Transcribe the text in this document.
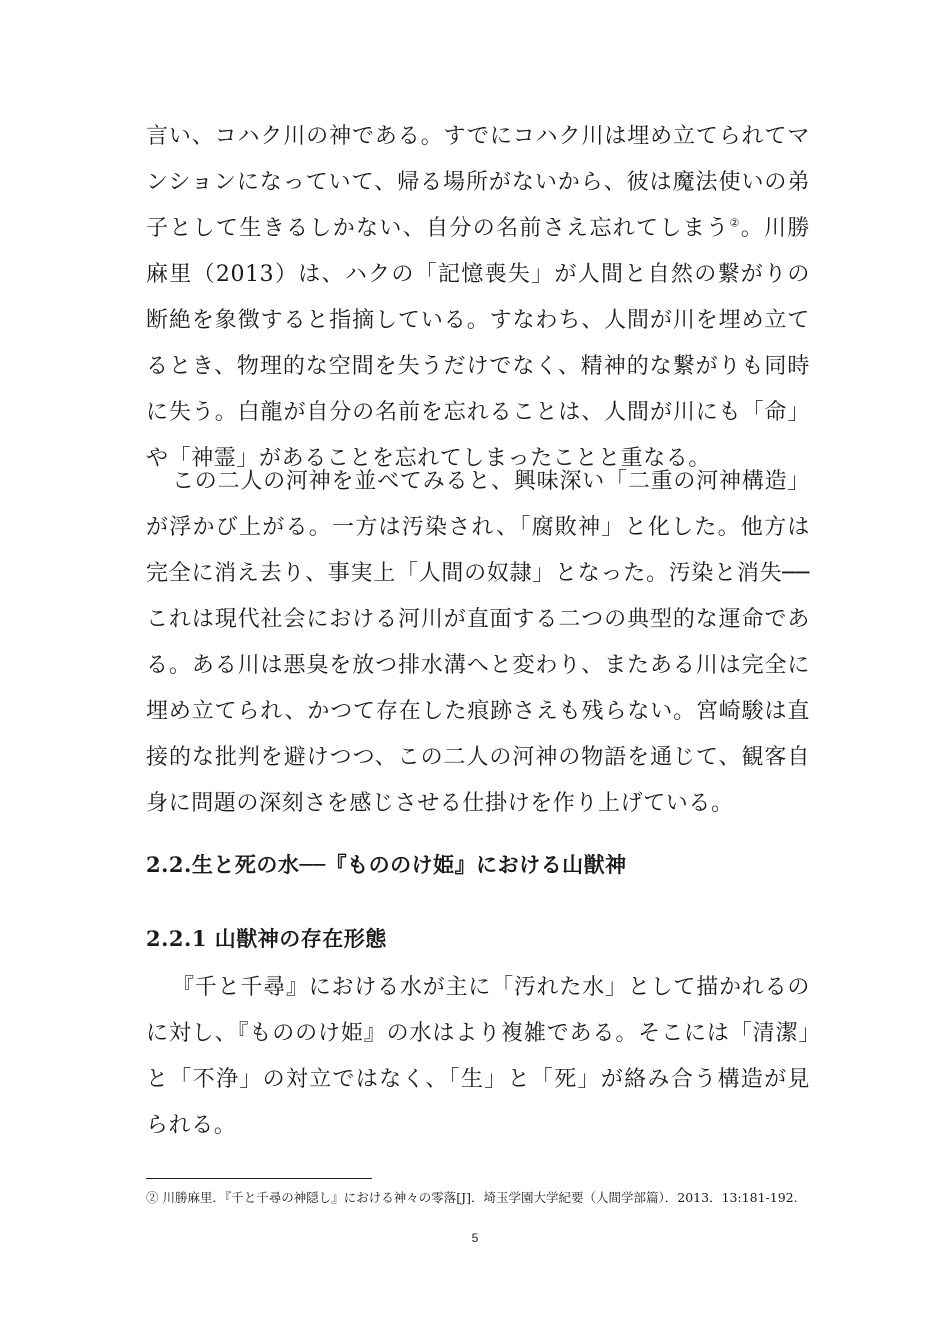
言い、コハク川の神である。すでにコハク川は埋め立てられてマンションになっていて、帰る場所がないから、彼は魔法使いの弟子として生きるしかない、自分の名前さえ忘れてしまう②。川勝麻里（2013）は、ハクの「記憶喪失」が人間と自然の繋がりの断絶を象徴すると指摘している。すなわち、人間が川を埋め立てるとき、物理的な空間を失うだけでなく、精神的な繋がりも同時に失う。白龍が自分の名前を忘れることは、人間が川にも「命」や「神霊」があることを忘れてしまったことと重なる。

この二人の河神を並べてみると、興味深い「二重の河神構造」が浮かび上がる。一方は汚染され、「腐敗神」と化した。他方は完全に消え去り、事実上「人間の奴隷」となった。汚染と消失──これは現代社会における河川が直面する二つの典型的な運命である。ある川は悪臭を放つ排水溝へと変わり、またある川は完全に埋め立てられ、かつて存在した痕跡さえも残らない。宮崎駿は直接的な批判を避けつつ、この二人の河神の物語を通じて、観客自身に問題の深刻さを感じさせる仕掛けを作り上げている。

2.2.生と死の水──『もののけ姫』における山獣神
2.2.1 山獣神の存在形態

『千と千尋』における水が主に「汚れた水」として描かれるのに対し、『もののけ姫』の水はより複雑である。そこには「清潔」と「不浄」の対立ではなく、「生」と「死」が絡み合う構造が見られる。

② 川勝麻里．『千と千尋の神隠し』における神々の零落[J]．埼玉学園大学紀要（人間学部篇）．2013．13:181-192.

5
